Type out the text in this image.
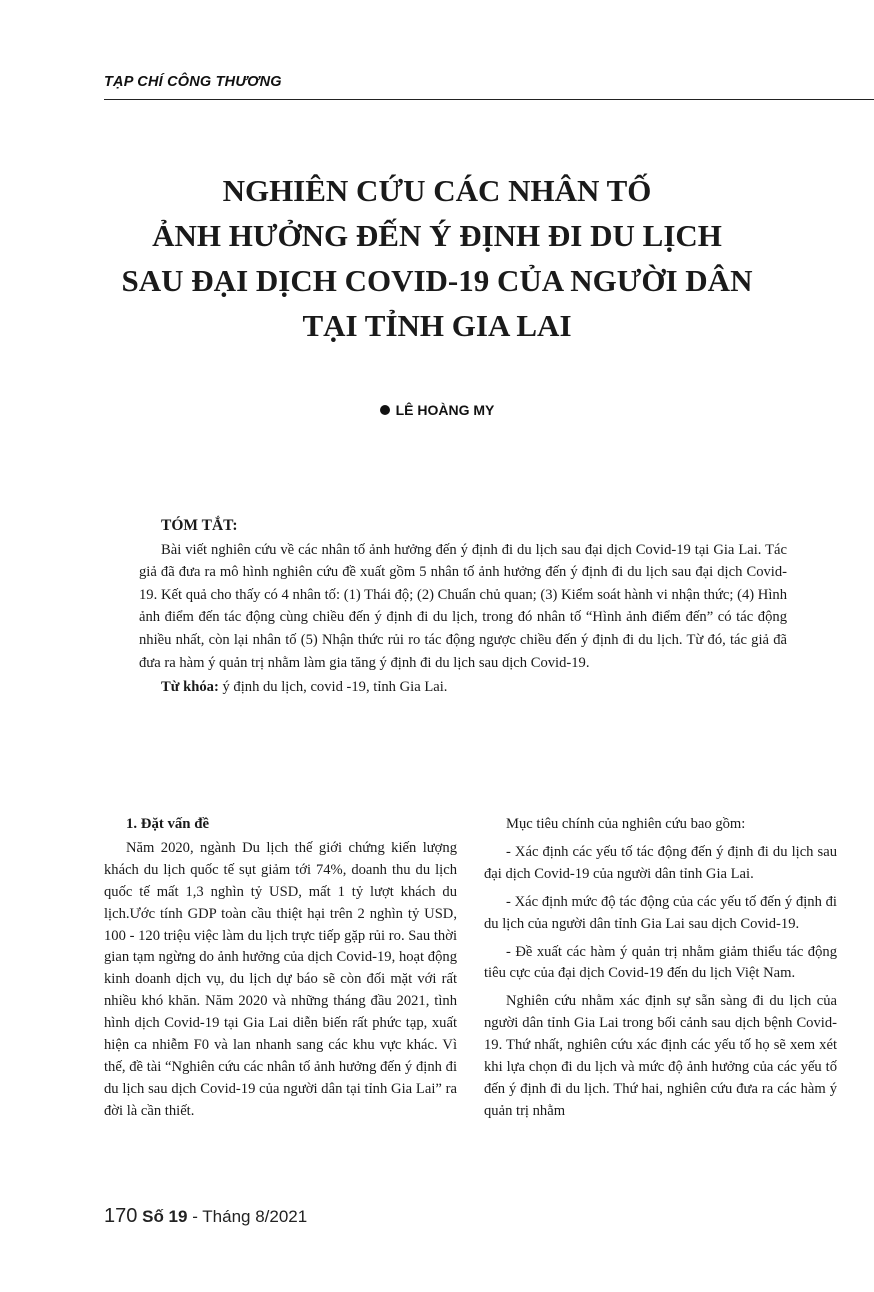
TẠP CHÍ CÔNG THƯƠNG
NGHIÊN CỨU CÁC NHÂN TỐ
ẢNH HƯỞNG ĐẾN Ý ĐỊNH ĐI DU LỊCH
SAU ĐẠI DỊCH COVID-19 CỦA NGƯỜI DÂN
TẠI TỈNH GIA LAI
LÊ HOÀNG MY
TÓM TẮT:

Bài viết nghiên cứu về các nhân tố ảnh hưởng đến ý định đi du lịch sau đại dịch Covid-19 tại Gia Lai. Tác giả đã đưa ra mô hình nghiên cứu đề xuất gồm 5 nhân tố ảnh hưởng đến ý định đi du lịch sau đại dịch Covid-19. Kết quả cho thấy có 4 nhân tố: (1) Thái độ; (2) Chuẩn chủ quan; (3) Kiểm soát hành vi nhận thức; (4) Hình ảnh điểm đến tác động cùng chiều đến ý định đi du lịch, trong đó nhân tố “Hình ảnh điểm đến” có tác động nhiều nhất, còn lại nhân tố (5) Nhận thức rủi ro tác động ngược chiều đến ý định đi du lịch. Từ đó, tác giả đã đưa ra hàm ý quản trị nhằm làm gia tăng ý định đi du lịch sau dịch Covid-19.

Từ khóa: ý định du lịch, covid -19, tỉnh Gia Lai.

1. Đặt vấn đề

Năm 2020, ngành Du lịch thế giới chứng kiến lượng khách du lịch quốc tế sụt giảm tới 74%, doanh thu du lịch quốc tế mất 1,3 nghìn tỷ USD, mất 1 tỷ lượt khách du lịch.Ước tính GDP toàn cầu thiệt hại trên 2 nghìn tỷ USD, 100 - 120 triệu việc làm du lịch trực tiếp gặp rủi ro. Sau thời gian tạm ngừng do ảnh hưởng của dịch Covid-19, hoạt động kinh doanh dịch vụ, du lịch dự báo sẽ còn đối mặt với rất nhiều khó khăn. Năm 2020 và những tháng đầu 2021, tình hình dịch Covid-19 tại Gia Lai diễn biến rất phức tạp, xuất hiện ca nhiễm F0 và lan nhanh sang các khu vực khác. Vì thế, đề tài “Nghiên cứu các nhân tố ảnh hưởng đến ý định đi du lịch sau dịch Covid-19 của người dân tại tỉnh Gia Lai” ra đời là cần thiết.

Mục tiêu chính của nghiên cứu bao gồm:

- Xác định các yếu tố tác động đến ý định đi du lịch sau đại dịch Covid-19 của người dân tỉnh Gia Lai.

- Xác định mức độ tác động của các yếu tố đến ý định đi du lịch của người dân tỉnh Gia Lai sau dịch Covid-19.

- Đề xuất các hàm ý quản trị nhằm giảm thiểu tác động tiêu cực của đại dịch Covid-19 đến du lịch Việt Nam.

Nghiên cứu nhằm xác định sự sẵn sàng đi du lịch của người dân tỉnh Gia Lai trong bối cảnh sau dịch bệnh Covid-19. Thứ nhất, nghiên cứu xác định các yếu tố họ sẽ xem xét khi lựa chọn đi du lịch và mức độ ảnh hưởng của các yếu tố đến ý định đi du lịch. Thứ hai, nghiên cứu đưa ra các hàm ý quản trị nhằm

170 Số 19 - Tháng 8/2021
